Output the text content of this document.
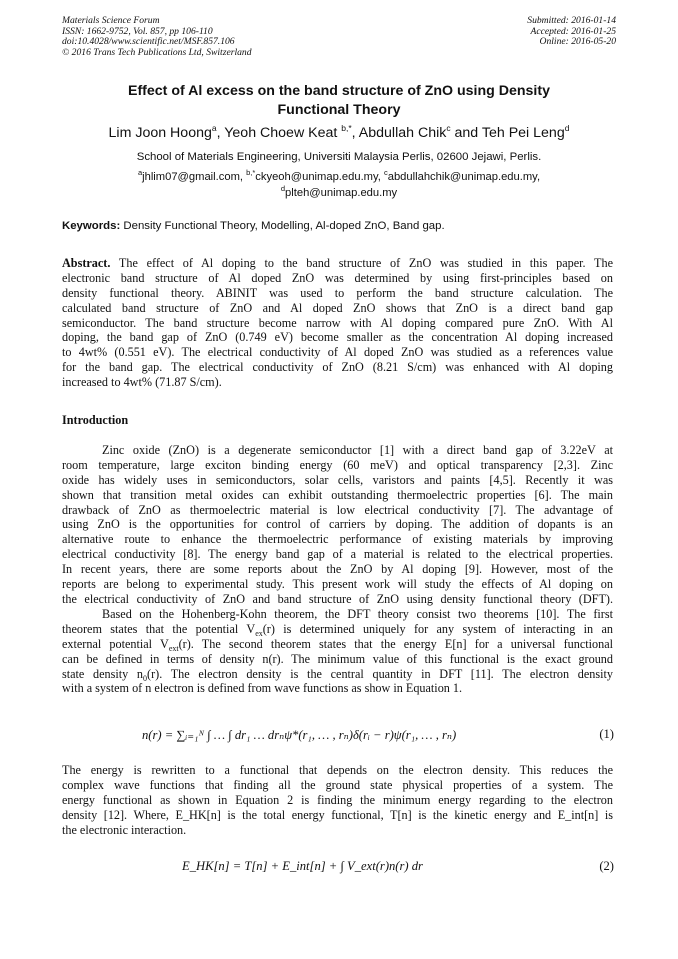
Materials Science Forum
ISSN: 1662-9752, Vol. 857, pp 106-110
doi:10.4028/www.scientific.net/MSF.857.106
© 2016 Trans Tech Publications Ltd, Switzerland
Submitted: 2016-01-14
Accepted: 2016-01-25
Online: 2016-05-20
Effect of Al excess on the band structure of ZnO using Density
Functional Theory
Lim Joon Hoong$^a$, Yeoh Choew Keat $^{b,*}$, Abdullah Chik$^c$ and Teh Pei Leng$^d$
School of Materials Engineering, Universiti Malaysia Perlis, 02600 Jejawi, Perlis.
$^a$jhlim07@gmail.com, $^{b,*}$ckyeoh@unimap.edu.my, $^c$abdullahchik@unimap.edu.my,
$^d$plteh@unimap.edu.my
Keywords: Density Functional Theory, Modelling, Al-doped ZnO, Band gap.
Abstract. The effect of Al doping to the band structure of ZnO was studied in this paper. The
electronic band structure of Al doped ZnO was determined by using first-principles based on
density functional theory. ABINIT was used to perform the band structure calculation. The
calculated band structure of ZnO and Al doped ZnO shows that ZnO is a direct band gap
semiconductor. The band structure become narrow with Al doping compared pure ZnO. With Al
doping, the band gap of ZnO (0.749 eV) become smaller as the concentration Al doping increased
to 4wt% (0.551 eV). The electrical conductivity of Al doped ZnO was studied as a references value
for the band gap. The electrical conductivity of ZnO (8.21 S/cm) was enhanced with Al doping
increased to 4wt% (71.87 S/cm).
Introduction
Zinc oxide (ZnO) is a degenerate semiconductor [1] with a direct band gap of 3.22eV at
room temperature, large exciton binding energy (60 meV) and optical transparency [2,3]. Zinc
oxide has widely uses in semiconductors, solar cells, varistors and paints [4,5]. Recently it was
shown that transition metal oxides can exhibit outstanding thermoelectric properties [6]. The main
drawback of ZnO as thermoelectric material is low electrical conductivity [7]. The advantage of
using ZnO is the opportunities for control of carriers by doping. The addition of dopants is an
alternative route to enhance the thermoelectric performance of existing materials by improving
electrical conductivity [8]. The energy band gap of a material is related to the electrical properties.
In recent years, there are some reports about the ZnO by Al doping [9]. However, most of the
reports are belong to experimental study. This present work will study the effects of Al doping on
the electrical conductivity of ZnO and band structure of ZnO using density functional theory (DFT).
Based on the Hohenberg-Kohn theorem, the DFT theory consist two theorems [10]. The first
theorem states that the potential $V_{ex}(r)$ is determined uniquely for any system of interacting in an
external potential $V_{ext}(r)$. The second theorem states that the energy E[n] for a universal functional
can be defined in terms of density n(r). The minimum value of this functional is the exact ground
state density $n_0(r)$. The electron density is the central quantity in DFT [11]. The electron density
with a system of n electron is defined from wave functions as show in Equation 1.
n(r) = ∑ᵢ₌₁ᴺ ∫ … ∫ dr₁ … drₙψ*(r₁, … , rₙ)δ(rᵢ − r)ψ(r₁, … , rₙ)	(1)
The energy is rewritten to a functional that depends on the electron density. This reduces the
complex wave functions that finding all the ground state physical properties of a system. The
energy functional as shown in Equation 2 is finding the minimum energy regarding to the electron
density [12]. Where, E_HK[n] is the total energy functional, T[n] is the kinetic energy and E_int[n] is
the electronic interaction.
E_HK[n] = T[n] + E_int[n] + ∫ V_ext(r)n(r) dr	(2)
